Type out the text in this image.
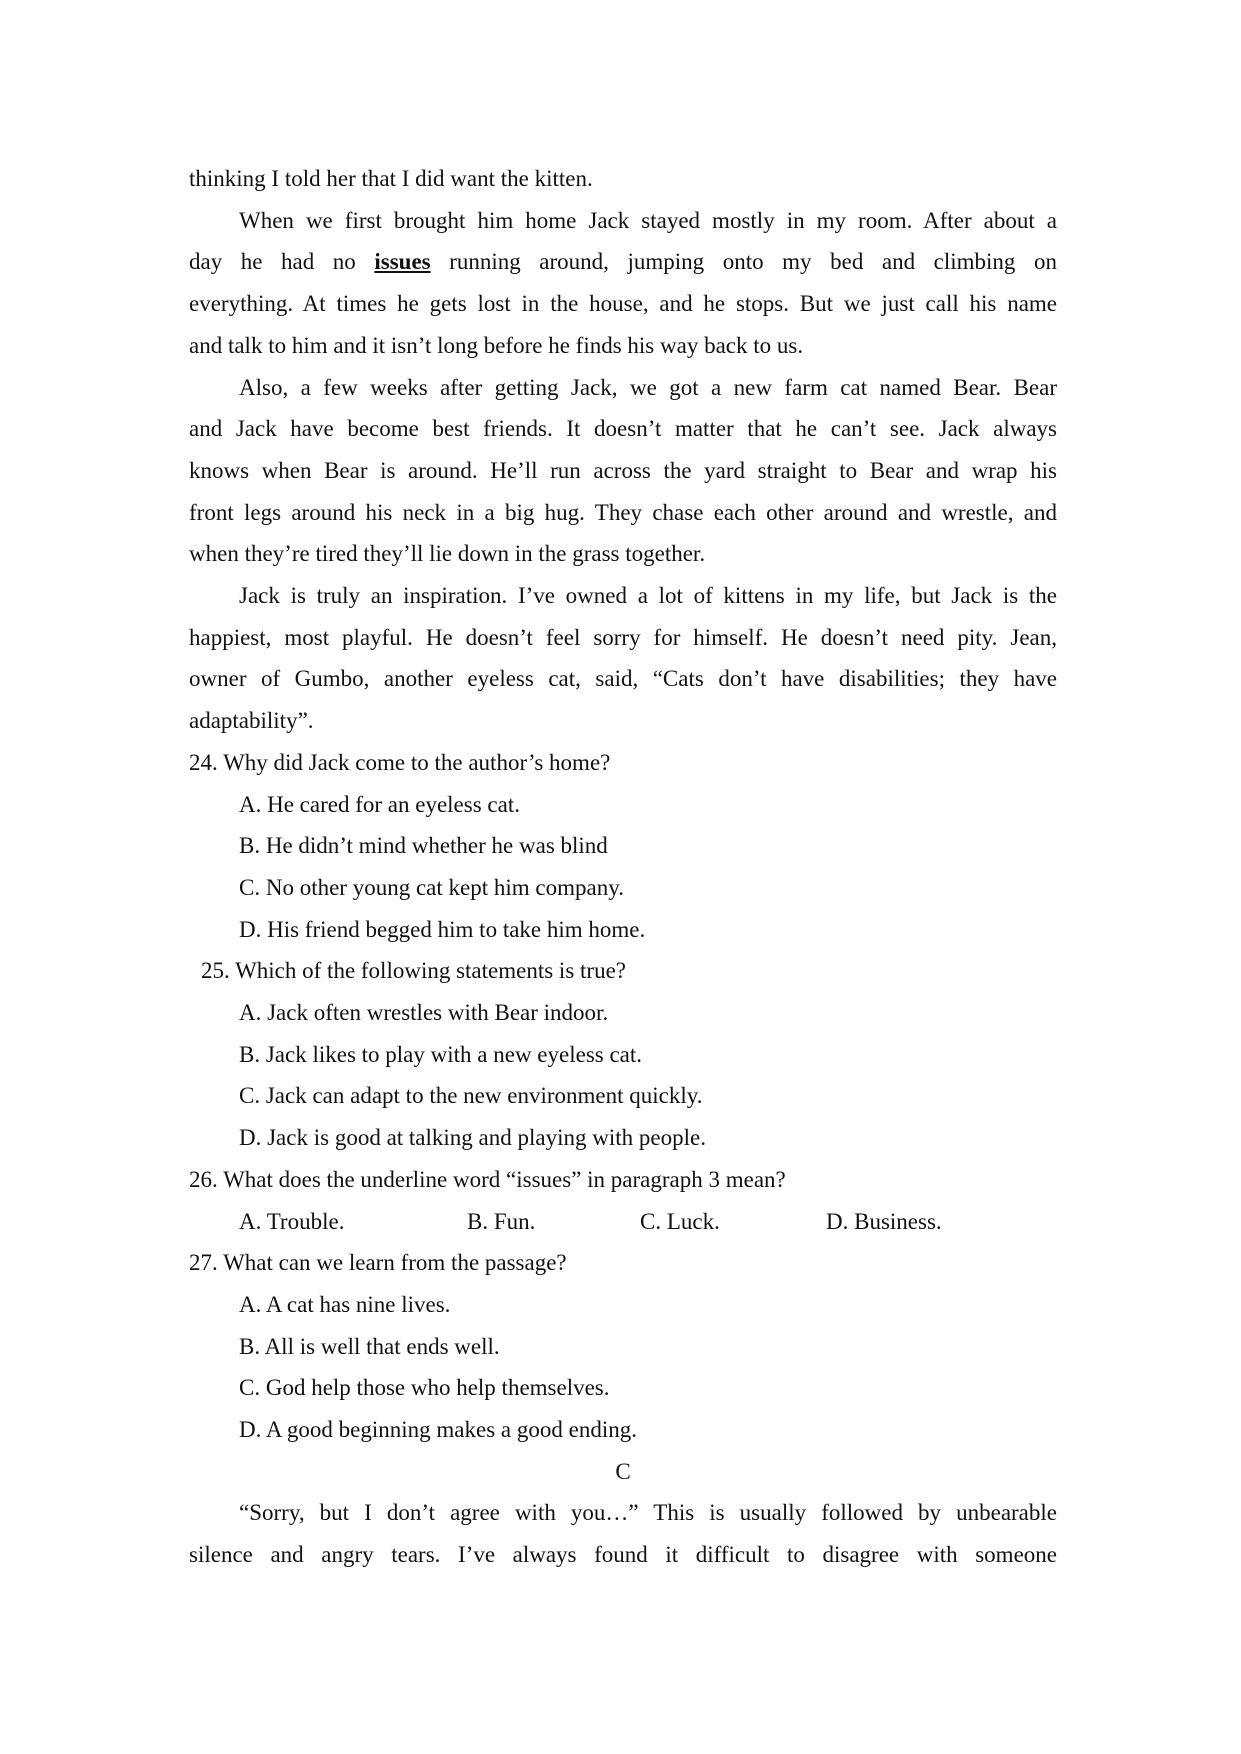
thinking I told her that I did want the kitten.
When we first brought him home Jack stayed mostly in my room. After about a
day he had no issues running around, jumping onto my bed and climbing on
everything. At times he gets lost in the house, and he stops. But we just call his name
and talk to him and it isn’t long before he finds his way back to us.
Also, a few weeks after getting Jack, we got a new farm cat named Bear. Bear
and Jack have become best friends. It doesn’t matter that he can’t see. Jack always
knows when Bear is around. He’ll run across the yard straight to Bear and wrap his
front legs around his neck in a big hug. They chase each other around and wrestle, and
when they’re tired they’ll lie down in the grass together.
Jack is truly an inspiration. I’ve owned a lot of kittens in my life, but Jack is the
happiest, most playful. He doesn’t feel sorry for himself. He doesn’t need pity. Jean,
owner of Gumbo, another eyeless cat, said, “Cats don’t have disabilities; they have
adaptability”.
24. Why did Jack come to the author’s home?
A. He cared for an eyeless cat.
B. He didn’t mind whether he was blind
C. No other young cat kept him company.
D. His friend begged him to take him home.
25. Which of the following statements is true?
A. Jack often wrestles with Bear indoor.
B. Jack likes to play with a new eyeless cat.
C. Jack can adapt to the new environment quickly.
D. Jack is good at talking and playing with people.
26. What does the underline word “issues” in paragraph 3 mean?
A. Trouble.	B. Fun.	C. Luck.	D. Business.
27. What can we learn from the passage?
A. A cat has nine lives.
B. All is well that ends well.
C. God help those who help themselves.
D. A good beginning makes a good ending.
C
“Sorry, but I don’t agree with you…” This is usually followed by unbearable
silence and angry tears. I’ve always found it difficult to disagree with someone
